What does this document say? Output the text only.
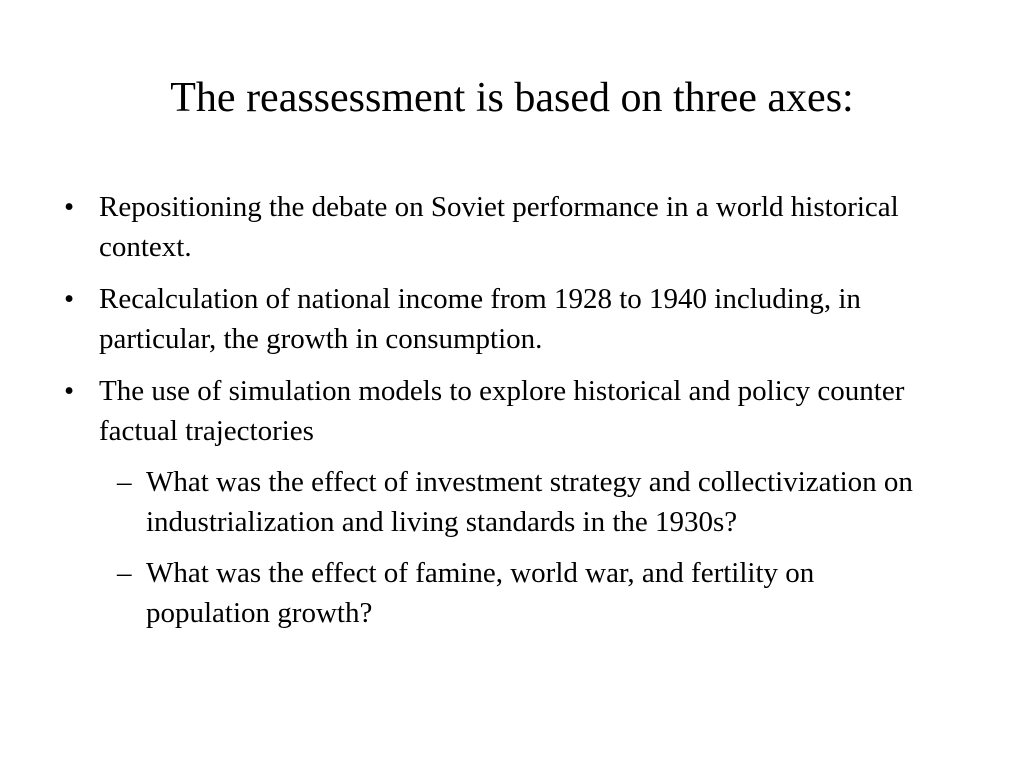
The reassessment is based on three axes:
• Repositioning the debate on Soviet performance in a world historical context.
• Recalculation of national income from 1928 to 1940 including, in particular, the growth in consumption.
• The use of simulation models to explore historical and policy counter factual trajectories
– What was the effect of investment strategy and collectivization on industrialization and living standards in the 1930s?
– What was the effect of famine, world war, and fertility on population growth?
